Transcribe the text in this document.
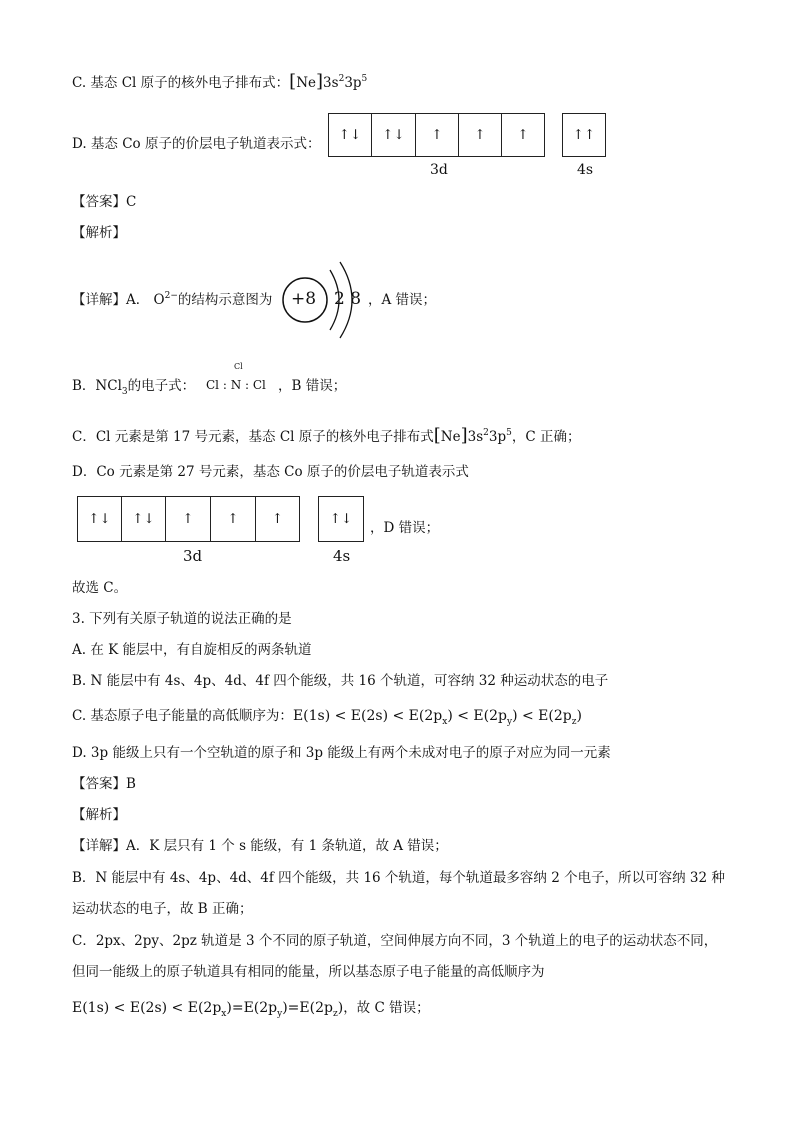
C. 基态 Cl 原子的核外电子排布式：$[Ne]3s^23p^5$
D. 基态 Co 原子的价层电子轨道表示式：
↑↓	↑↓	↑	↑	↑	↑↑
3d	4s
【答案】C
【解析】
【详解】A． $O^{2-}$的结构示意图为 +8 2 8 ，A 错误；
B．NCl$_3$的电子式：
Cl
Cl : N : Cl ，B 错误；
C．Cl 元素是第 17 号元素，基态 Cl 原子的核外电子排布式$[Ne]3s^23p^5$，C 正确；
D．Co 元素是第 27 号元素，基态 Co 原子的价层电子轨道表示式
↑↓	↑↓	↑	↑	↑	↑↓
，D 错误；
3d	4s
故选 C。
3. 下列有关原子轨道的说法正确的是
A. 在 K 能层中，有自旋相反的两条轨道
B. N 能层中有 4s、4p、4d、4f 四个能级，共 16 个轨道，可容纳 32 种运动状态的电子
C. 基态原子电子能量的高低顺序为：$E(1s) < E(2s) < E(2p_x) < E(2p_y) < E(2p_z)$
D. 3p 能级上只有一个空轨道的原子和 3p 能级上有两个未成对电子的原子对应为同一元素
【答案】B
【解析】
【详解】A．K 层只有 1 个 s 能级，有 1 条轨道，故 A 错误；
B．N 能层中有 4s、4p、4d、4f 四个能级，共 16 个轨道，每个轨道最多容纳 2 个电子，所以可容纳 32 种
运动状态的电子，故 B 正确；
C．2px、2py、2pz 轨道是 3 个不同的原子轨道，空间伸展方向不同，3 个轨道上的电子的运动状态不同，
但同一能级上的原子轨道具有相同的能量，所以基态原子电子能量的高低顺序为
$E(1s) < E(2s) < E(2p_x)=E(2p_y)=E(2p_z)$，故 C 错误；
